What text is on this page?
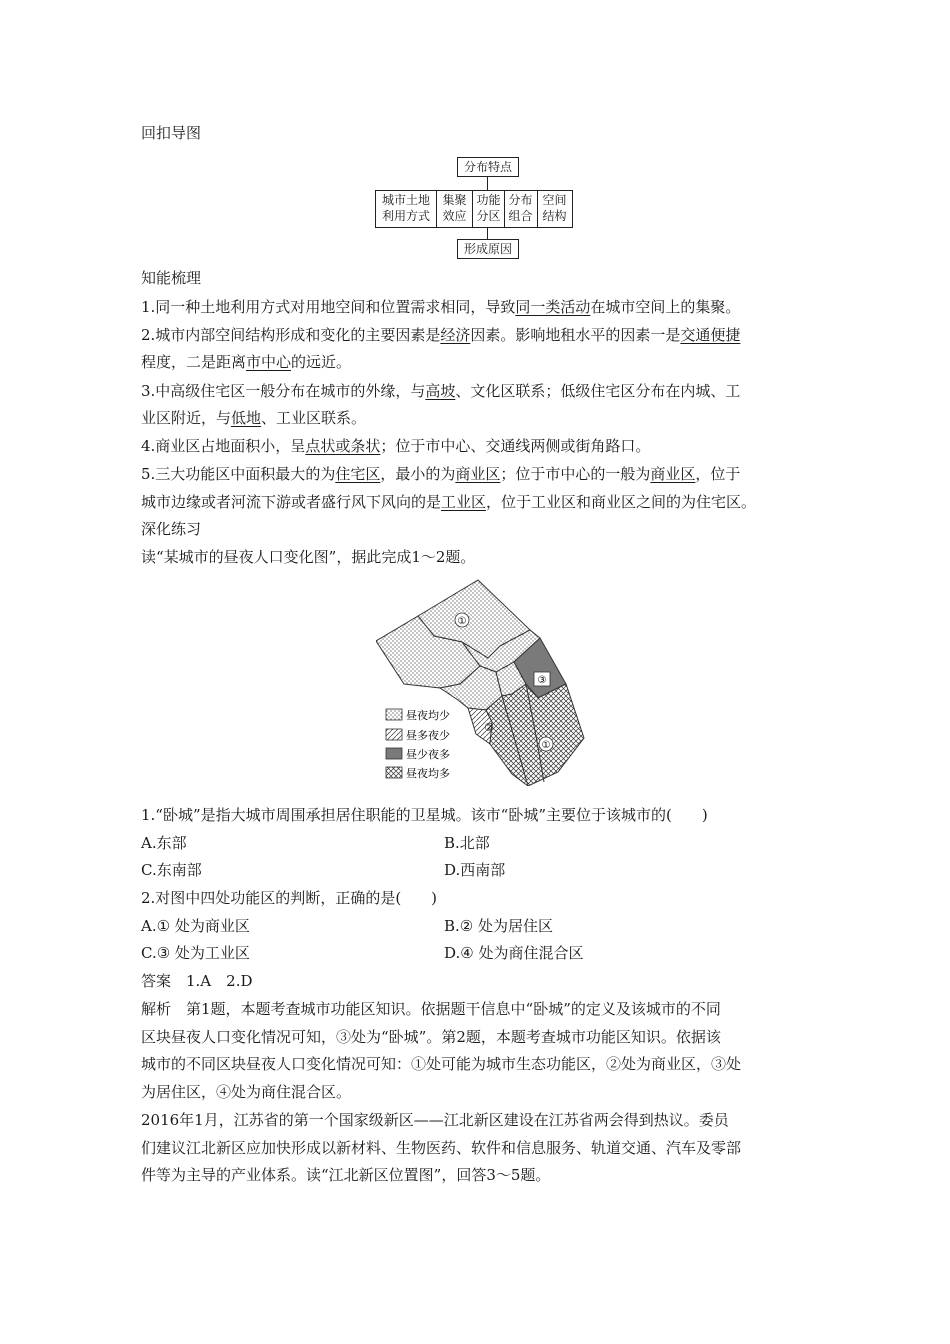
回扣导图
分布特点
城市土地
利用方式
集聚
效应
功能
分区
分布
组合
空间
结构
形成原因
知能梳理
1.同一种土地利用方式对用地空间和位置需求相同，导致同一类活动在城市空间上的集聚。
2.城市内部空间结构形成和变化的主要因素是经济因素。影响地租水平的因素一是交通便捷
程度，二是距离市中心的远近。
3.中高级住宅区一般分布在城市的外缘，与高坡、文化区联系；低级住宅区分布在内城、工
业区附近，与低地、工业区联系。
4.商业区占地面积小，呈点状或条状；位于市中心、交通线两侧或街角路口。
5.三大功能区中面积最大的为住宅区，最小的为商业区；位于市中心的一般为商业区，位于
城市边缘或者河流下游或者盛行风下风向的是工业区，位于工业区和商业区之间的为住宅区。
深化练习
读“某城市的昼夜人口变化图”，据此完成1～2题。
①
③
②
①
昼夜均少
昼多夜少
昼少夜多
昼夜均多
1.“卧城”是指大城市周围承担居住职能的卫星城。该市“卧城”主要位于该城市的(　　)
A.东部	B.北部
C.东南部	D.西南部
2.对图中四处功能区的判断，正确的是(　　)
A.① 处为商业区	B.② 处为居住区
C.③ 处为工业区	D.④ 处为商住混合区
答案　1.A　2.D
解析　第1题，本题考查城市功能区知识。依据题干信息中“卧城”的定义及该城市的不同
区块昼夜人口变化情况可知，③处为“卧城”。第2题，本题考查城市功能区知识。依据该
城市的不同区块昼夜人口变化情况可知：①处可能为城市生态功能区，②处为商业区，③处
为居住区，④处为商住混合区。
2016年1月，江苏省的第一个国家级新区——江北新区建设在江苏省两会得到热议。委员
们建议江北新区应加快形成以新材料、生物医药、软件和信息服务、轨道交通、汽车及零部
件等为主导的产业体系。读“江北新区位置图”，回答3～5题。
